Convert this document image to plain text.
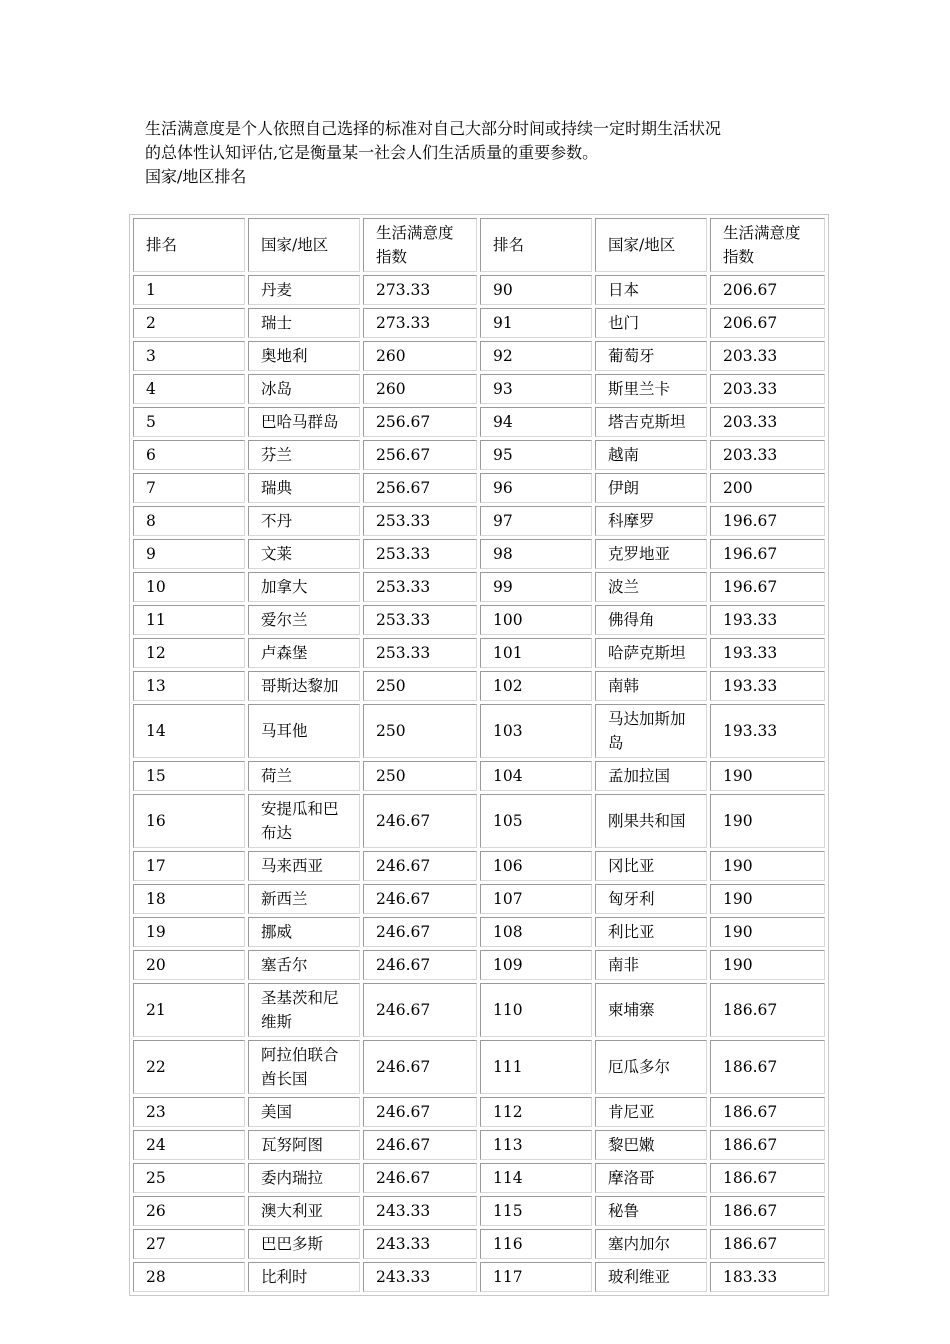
生活满意度是个人依照自己选择的标准对自己大部分时间或持续一定时期生活状况

的总体性认知评估,它是衡量某一社会人们生活质量的重要参数。

国家/地区排名

排名	国家/地区	生活满意度指数	排名	国家/地区	生活满意度指数
1	丹麦	273.33	90	日本	206.67
2	瑞士	273.33	91	也门	206.67
3	奥地利	260	92	葡萄牙	203.33
4	冰岛	260	93	斯里兰卡	203.33
5	巴哈马群岛	256.67	94	塔吉克斯坦	203.33
6	芬兰	256.67	95	越南	203.33
7	瑞典	256.67	96	伊朗	200
8	不丹	253.33	97	科摩罗	196.67
9	文莱	253.33	98	克罗地亚	196.67
10	加拿大	253.33	99	波兰	196.67
11	爱尔兰	253.33	100	佛得角	193.33
12	卢森堡	253.33	101	哈萨克斯坦	193.33
13	哥斯达黎加	250	102	南韩	193.33
14	马耳他	250	103	马达加斯加岛	193.33
15	荷兰	250	104	孟加拉国	190
16	安提瓜和巴布达	246.67	105	刚果共和国	190
17	马来西亚	246.67	106	冈比亚	190
18	新西兰	246.67	107	匈牙利	190
19	挪威	246.67	108	利比亚	190
20	塞舌尔	246.67	109	南非	190
21	圣基茨和尼维斯	246.67	110	柬埔寨	186.67
22	阿拉伯联合酋长国	246.67	111	厄瓜多尔	186.67
23	美国	246.67	112	肯尼亚	186.67
24	瓦努阿图	246.67	113	黎巴嫩	186.67
25	委内瑞拉	246.67	114	摩洛哥	186.67
26	澳大利亚	243.33	115	秘鲁	186.67
27	巴巴多斯	243.33	116	塞内加尔	186.67
28	比利时	243.33	117	玻利维亚	183.33
